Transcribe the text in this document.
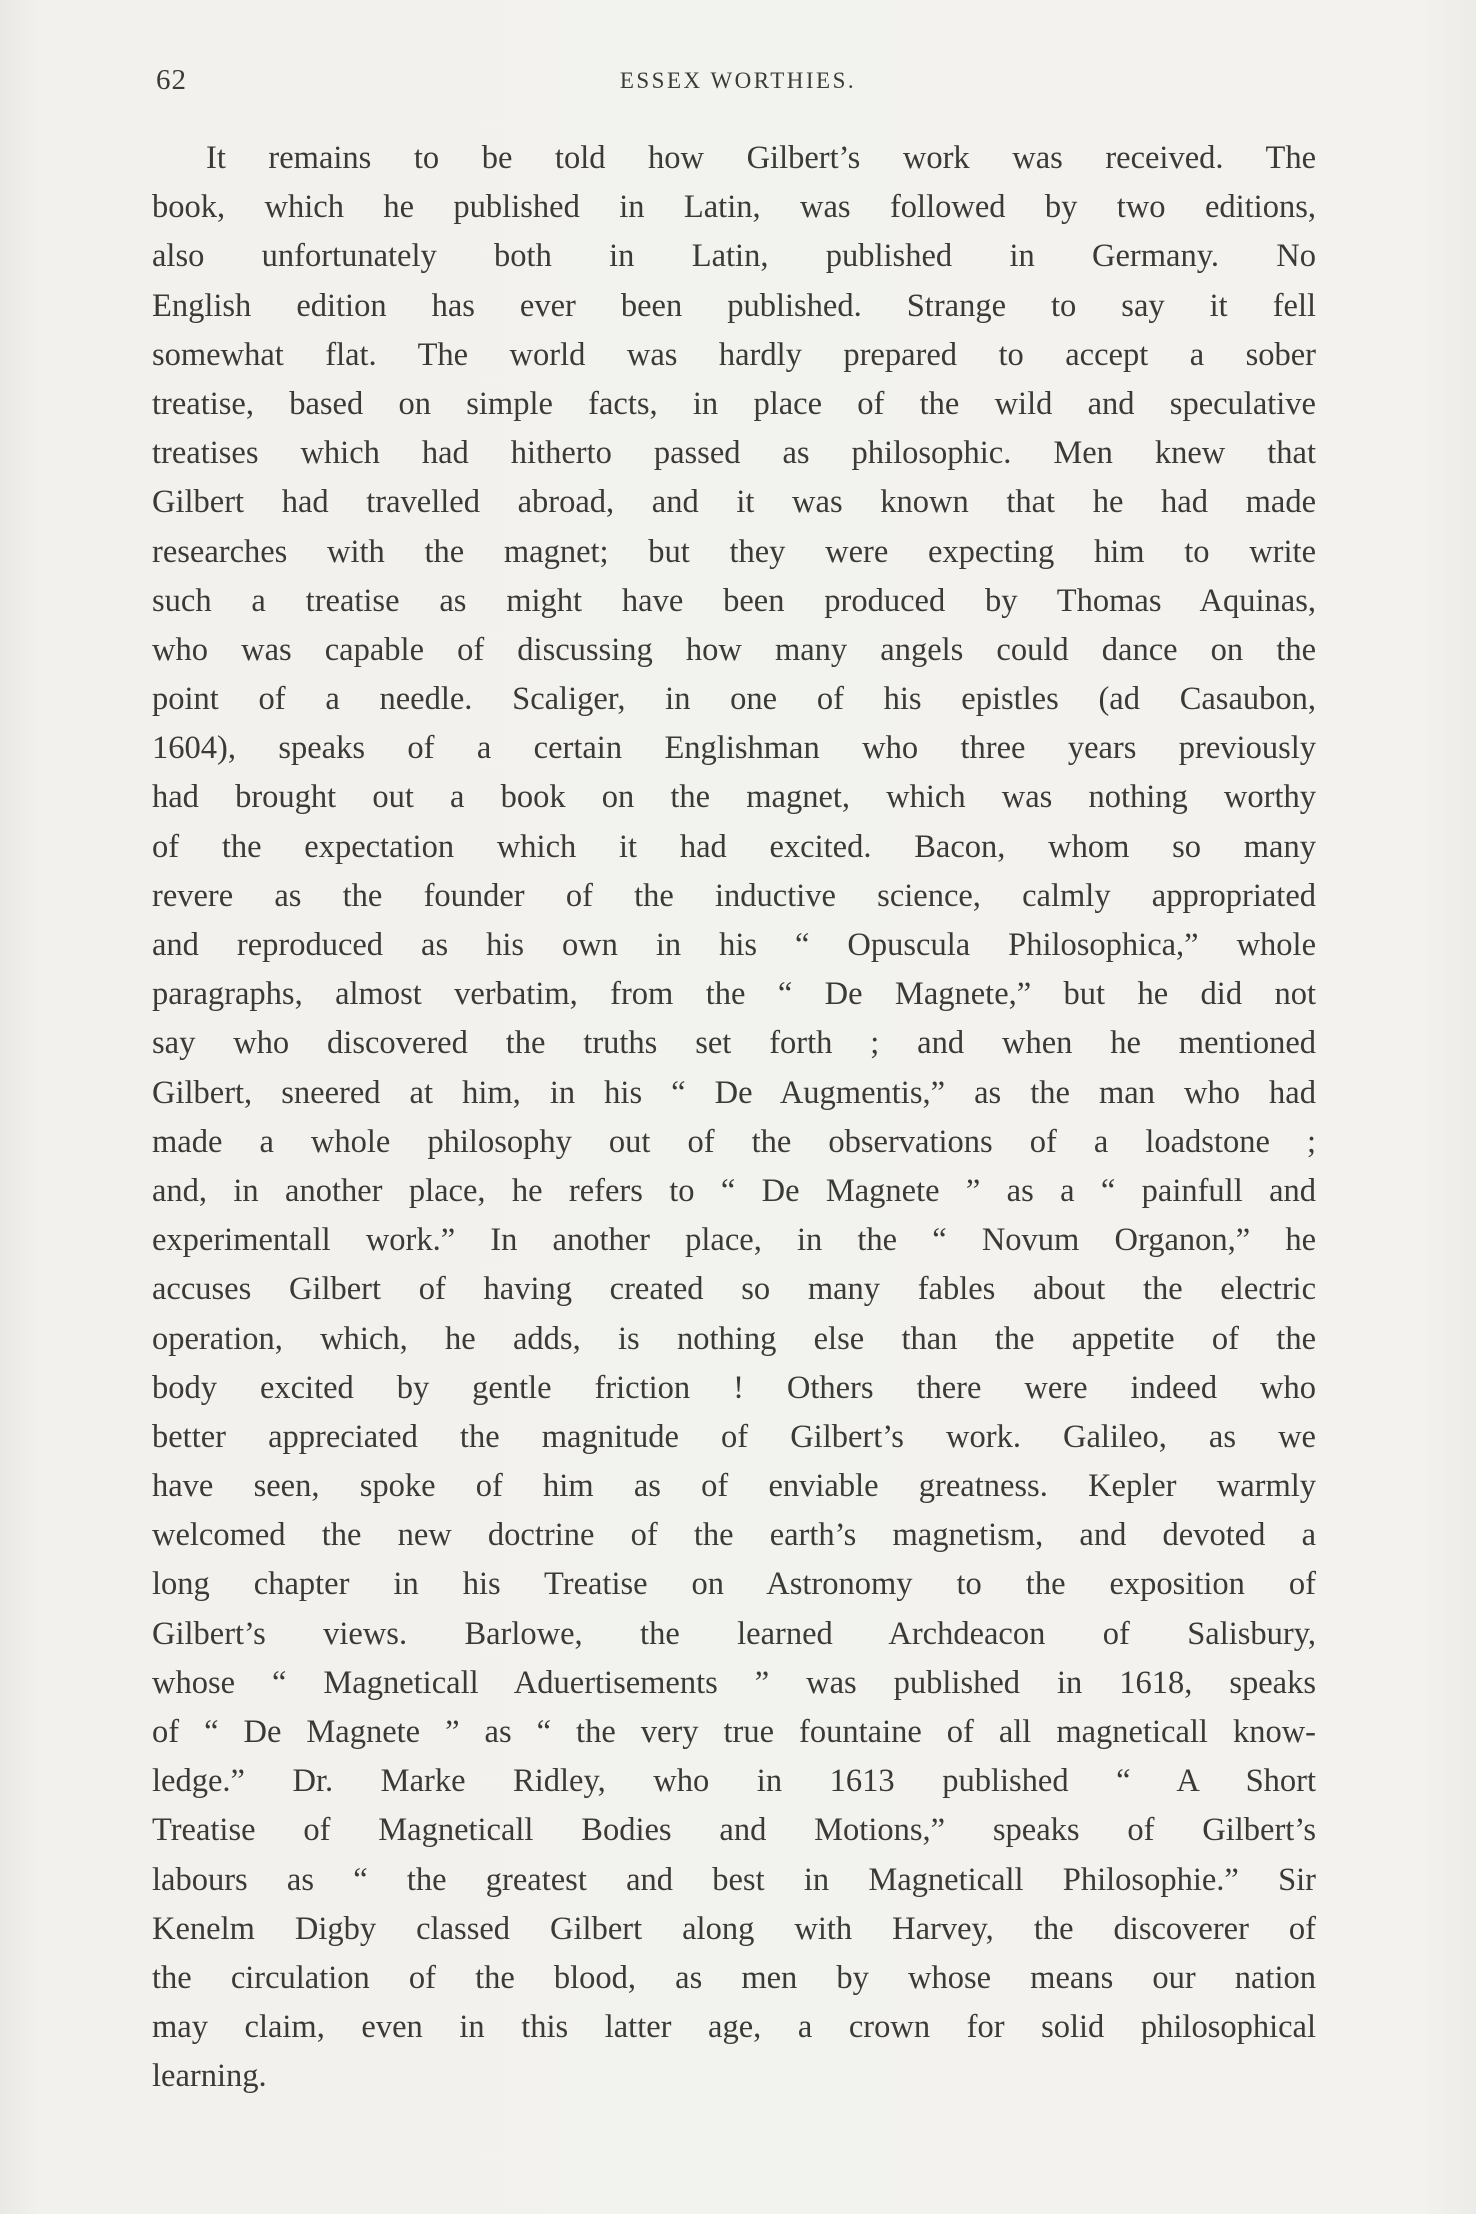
62	ESSEX WORTHIES.
It remains to be told how Gilbert’s work was received. The
book, which he published in Latin, was followed by two editions,
also unfortunately both in Latin, published in Germany. No
English edition has ever been published. Strange to say it fell
somewhat flat. The world was hardly prepared to accept a sober
treatise, based on simple facts, in place of the wild and speculative
treatises which had hitherto passed as philosophic. Men knew that
Gilbert had travelled abroad, and it was known that he had made
researches with the magnet; but they were expecting him to write
such a treatise as might have been produced by Thomas Aquinas,
who was capable of discussing how many angels could dance on the
point of a needle. Scaliger, in one of his epistles (ad Casaubon,
1604), speaks of a certain Englishman who three years previously
had brought out a book on the magnet, which was nothing worthy
of the expectation which it had excited. Bacon, whom so many
revere as the founder of the inductive science, calmly appropriated
and reproduced as his own in his “ Opuscula Philosophica,” whole
paragraphs, almost verbatim, from the “ De Magnete,” but he did not
say who discovered the truths set forth ; and when he mentioned
Gilbert, sneered at him, in his “ De Augmentis,” as the man who had
made a whole philosophy out of the observations of a loadstone ;
and, in another place, he refers to “ De Magnete ” as a “ painfull and
experimentall work.” In another place, in the “ Novum Organon,” he
accuses Gilbert of having created so many fables about the electric
operation, which, he adds, is nothing else than the appetite of the
body excited by gentle friction ! Others there were indeed who
better appreciated the magnitude of Gilbert’s work. Galileo, as we
have seen, spoke of him as of enviable greatness. Kepler warmly
welcomed the new doctrine of the earth’s magnetism, and devoted a
long chapter in his Treatise on Astronomy to the exposition of
Gilbert’s views. Barlowe, the learned Archdeacon of Salisbury,
whose “ Magneticall Aduertisements ” was published in 1618, speaks
of “ De Magnete ” as “ the very true fountaine of all magneticall know-
ledge.” Dr. Marke Ridley, who in 1613 published “ A Short
Treatise of Magneticall Bodies and Motions,” speaks of Gilbert’s
labours as “ the greatest and best in Magneticall Philosophie.” Sir
Kenelm Digby classed Gilbert along with Harvey, the discoverer of
the circulation of the blood, as men by whose means our nation
may claim, even in this latter age, a crown for solid philosophical
learning.
